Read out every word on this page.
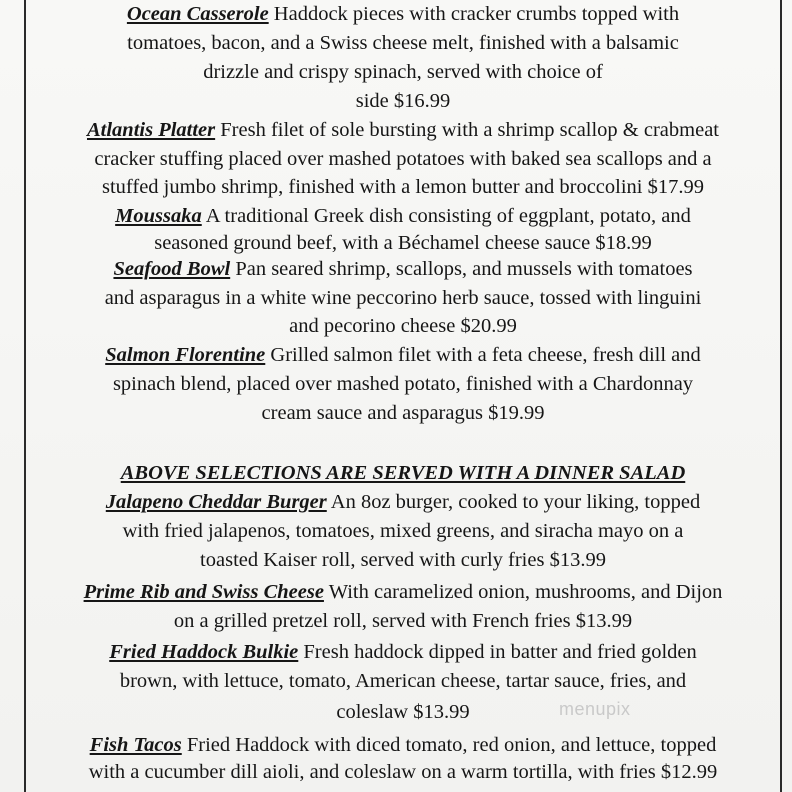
Ocean Casserole Haddock pieces with cracker crumbs topped with
tomatoes, bacon, and a Swiss cheese melt, finished with a balsamic
drizzle and crispy spinach, served with choice of
side $16.99
Atlantis Platter Fresh filet of sole bursting with a shrimp scallop & crabmeat
cracker stuffing placed over mashed potatoes with baked sea scallops and a
stuffed jumbo shrimp, finished with a lemon butter and broccolini $17.99
Moussaka A traditional Greek dish consisting of eggplant, potato, and
seasoned ground beef, with a Béchamel cheese sauce $18.99
Seafood Bowl Pan seared shrimp, scallops, and mussels with tomatoes
and asparagus in a white wine peccorino herb sauce, tossed with linguini
and pecorino cheese $20.99
Salmon Florentine Grilled salmon filet with a feta cheese, fresh dill and
spinach blend, placed over mashed potato, finished with a Chardonnay
cream sauce and asparagus $19.99
ABOVE SELECTIONS ARE SERVED WITH A DINNER SALAD
Jalapeno Cheddar Burger An 8oz burger, cooked to your liking, topped
with fried jalapenos, tomatoes, mixed greens, and siracha mayo on a
toasted Kaiser roll, served with curly fries $13.99
Prime Rib and Swiss Cheese With caramelized onion, mushrooms, and Dijon
on a grilled pretzel roll, served with French fries $13.99
Fried Haddock Bulkie Fresh haddock dipped in batter and fried golden
brown, with lettuce, tomato, American cheese, tartar sauce, fries, and
coleslaw $13.99
Fish Tacos Fried Haddock with diced tomato, red onion, and lettuce, topped
with a cucumber dill aioli, and coleslaw on a warm tortilla, with fries $12.99
menupix
